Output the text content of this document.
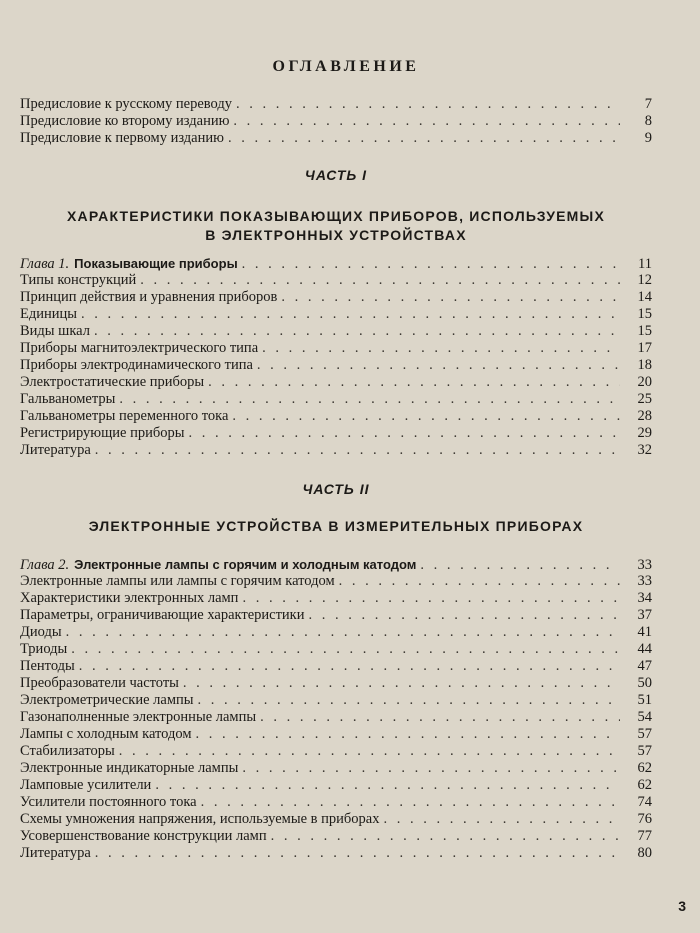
ОГЛАВЛЕНИЕ
Предисловие к русскому переводу . . .	7
Предисловие ко второму изданию . . .	8
Предисловие к первому изданию . . .	9
ЧАСТЬ I
ХАРАКТЕРИСТИКИ ПОКАЗЫВАЮЩИХ ПРИБОРОВ, ИСПОЛЬЗУЕМЫХ
В ЭЛЕКТРОННЫХ УСТРОЙСТВАХ
Глава 1. Показывающие приборы . . .	11
Типы конструкций . . .	12
Принцип действия и уравнения приборов . . .	14
Единицы . . .	15
Виды шкал . . .	15
Приборы магнитоэлектрического типа . . .	17
Приборы электродинамического типа . . .	18
Электростатические приборы . . .	20
Гальванометры . . .	25
Гальванометры переменного тока . . .	28
Регистрирующие приборы . . .	29
Литература . . .	32
ЧАСТЬ II
ЭЛЕКТРОННЫЕ УСТРОЙСТВА В ИЗМЕРИТЕЛЬНЫХ ПРИБОРАХ
Глава 2. Электронные лампы с горячим и холодным катодом . . .	33
Электронные лампы или лампы с горячим катодом . . .	33
Характеристики электронных ламп . . .	34
Параметры, ограничивающие характеристики . . .	37
Диоды . . .	41
Триоды . . .	44
Пентоды . . .	47
Преобразователи частоты . . .	50
Электрометрические лампы . . .	51
Газонаполненные электронные лампы . . .	54
Лампы с холодным катодом . . .	57
Стабилизаторы . . .	57
Электронные индикаторные лампы . . .	62
Ламповые усилители . . .	62
Усилители постоянного тока . . .	74
Схемы умножения напряжения, используемые в приборах . . .	76
Усовершенствование конструкции ламп . . .	77
Литература . . .	80
3
